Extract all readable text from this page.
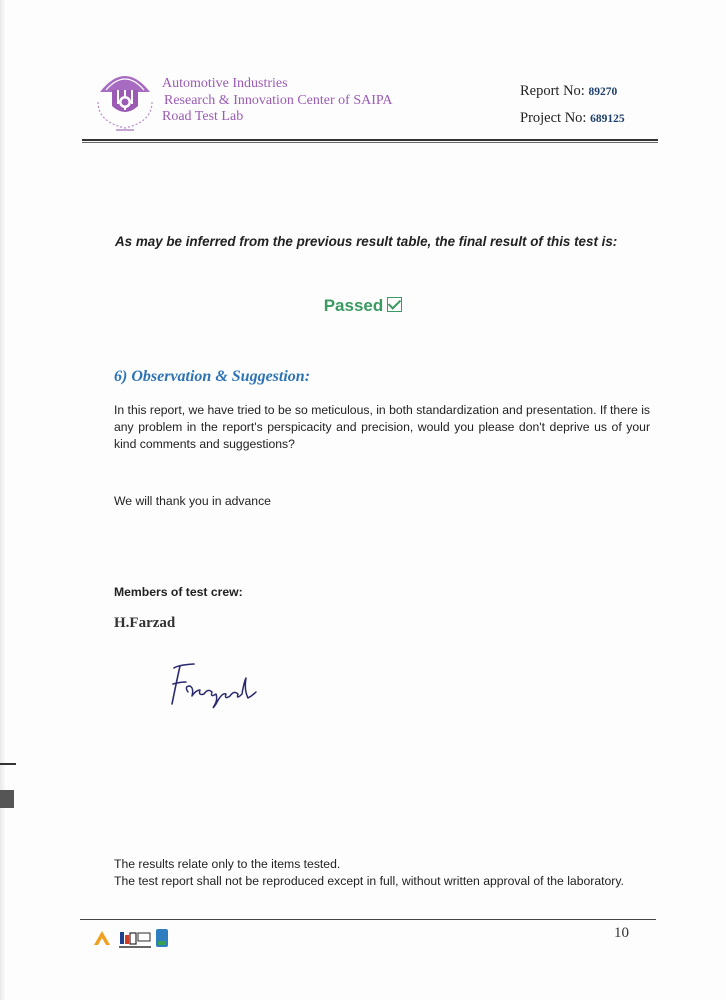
Automotive Industries
Research & Innovation Center of SAIPA
Road Test Lab
Report No: 89270
Project No: 689125
As may be inferred from the previous result table, the final result of this test is:
Passed
6) Observation & Suggestion:
In this report, we have tried to be so meticulous, in both standardization and presentation. If there is any problem in the report's perspicacity and precision, would you please don't deprive us of your kind comments and suggestions?
We will thank you in advance
Members of test crew:
H.Farzad
The results relate only to the items tested.
The test report shall not be reproduced except in full, without written approval of the laboratory.
10
